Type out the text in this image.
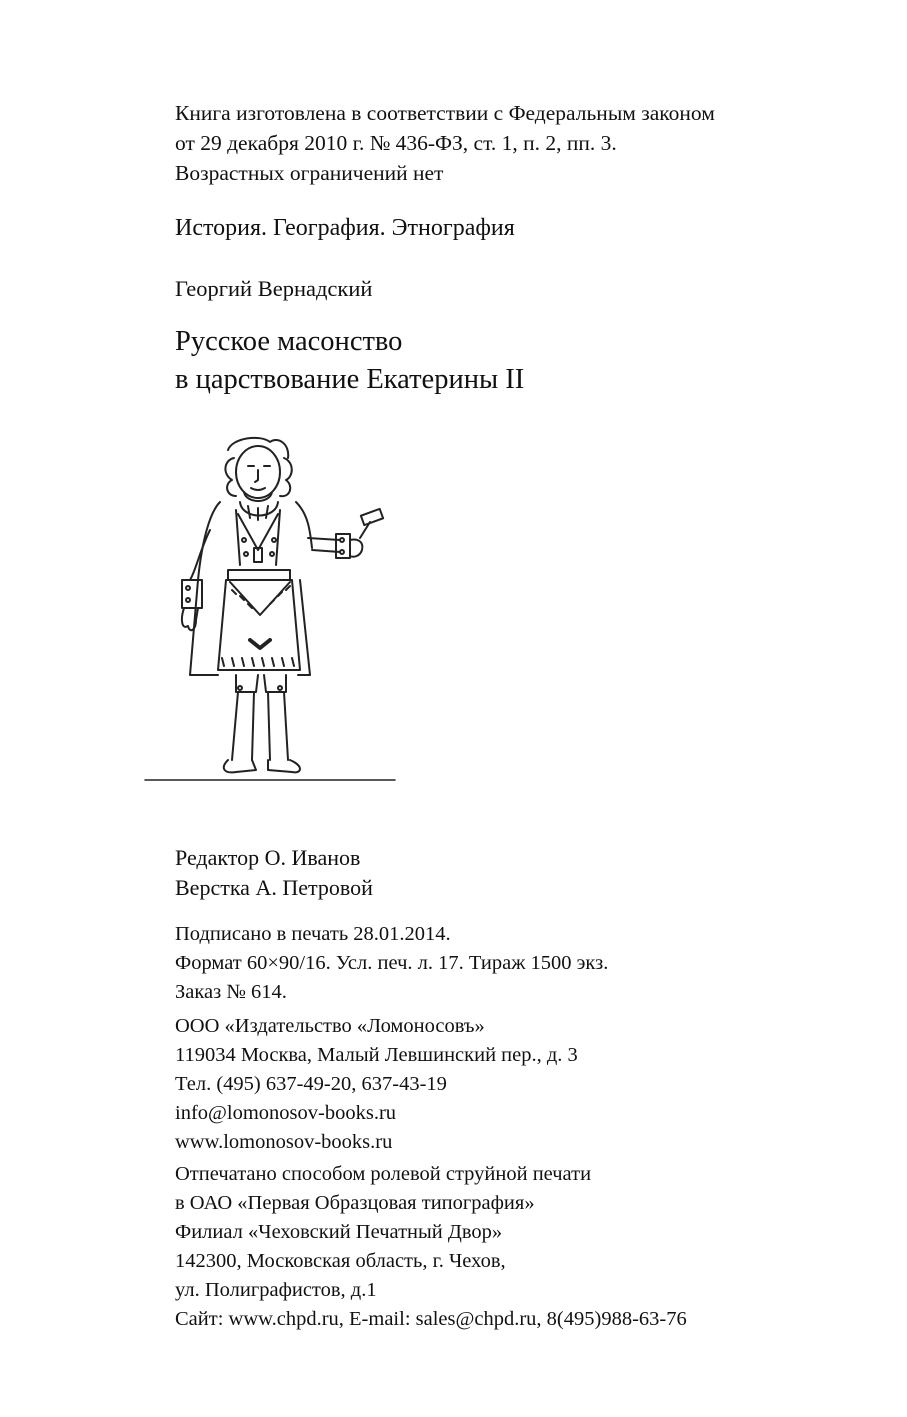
Книга изготовлена в соответствии с Федеральным законом
от 29 декабря 2010 г. № 436-ФЗ, ст. 1, п. 2, пп. 3.
Возрастных ограничений нет
История. География. Этнография
Георгий Вернадский
Русское масонство
в царствование Екатерины II
Редактор О. Иванов
Верстка А. Петровой
Подписано в печать 28.01.2014.
Формат 60×90/16. Усл. печ. л. 17. Тираж 1500 экз.
Заказ № 614.
ООО «Издательство «Ломоносовъ»
119034 Москва, Малый Левшинский пер., д. 3
Тел. (495) 637-49-20, 637-43-19
info@lomonosov-books.ru
www.lomonosov-books.ru
Отпечатано способом ролевой струйной печати
в ОАО «Первая Образцовая типография»
Филиал «Чеховский Печатный Двор»
142300, Московская область, г. Чехов,
ул. Полиграфистов, д.1
Сайт: www.chpd.ru, E-mail: sales@chpd.ru, 8(495)988-63-76
